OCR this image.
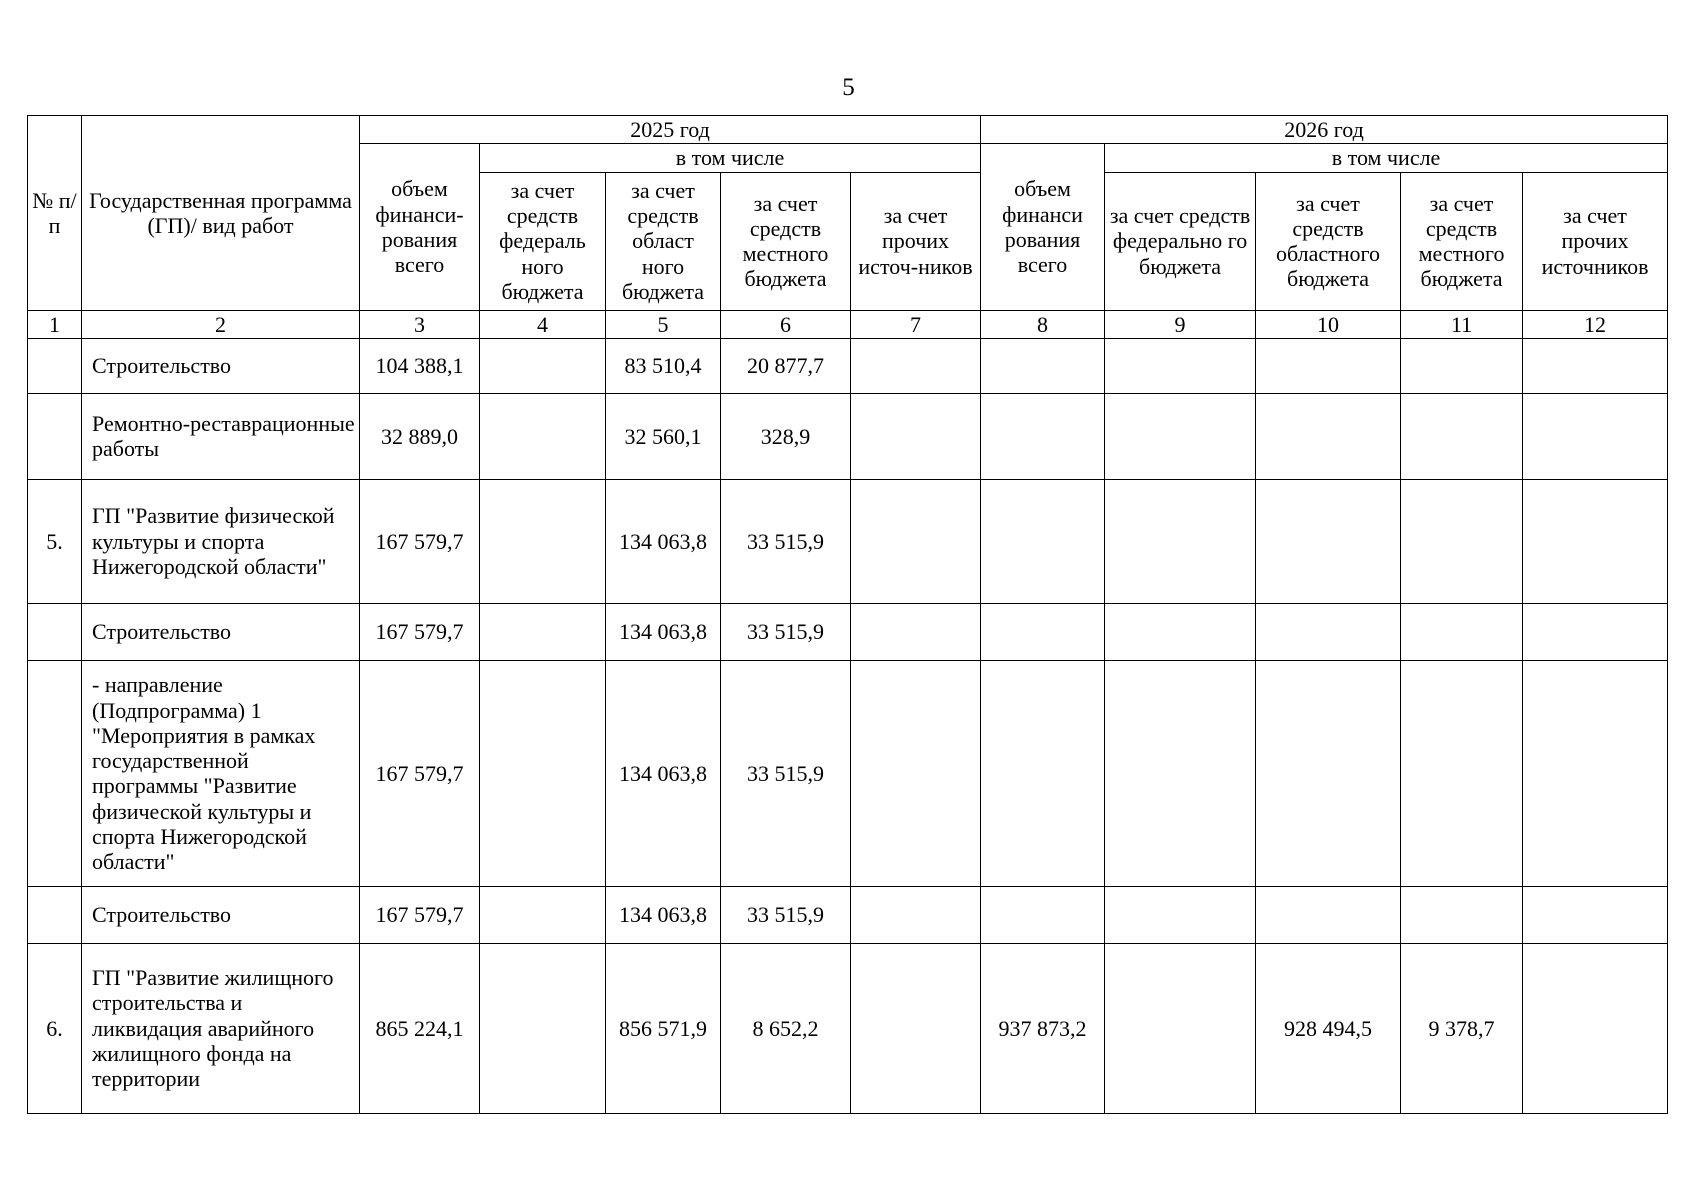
5
№ п/п	Государственная программа (ГП)/ вид работ	2025 год					2026 год				
		объем финанси-рования всего	в том числе				объем финанси рования всего	в том числе			
			за счет средств федераль ного бюджета	за счет средств област ного бюджета	за счет средств местного бюджета	за счет прочих источ-ников		за счет средств федерально го бюджета	за счет средств областного бюджета	за счет средств местного бюджета	за счет прочих источников
1	2	3	4	5	6	7	8	9	10	11	12
	Строительство	104 388,1		83 510,4	20 877,7						
	Ремонтно-реставрационные работы	32 889,0		32 560,1	328,9						
5.	ГП "Развитие физической культуры и спорта Нижегородской области"	167 579,7		134 063,8	33 515,9						
	Строительство	167 579,7		134 063,8	33 515,9						
	- направление (Подпрограмма) 1 "Мероприятия в рамках государственной программы "Развитие физической культуры и спорта Нижегородской области"	167 579,7		134 063,8	33 515,9						
	Строительство	167 579,7		134 063,8	33 515,9						
6.	ГП "Развитие жилищного строительства и ликвидация аварийного жилищного фонда на территории	865 224,1		856 571,9	8 652,2		937 873,2		928 494,5	9 378,7	
